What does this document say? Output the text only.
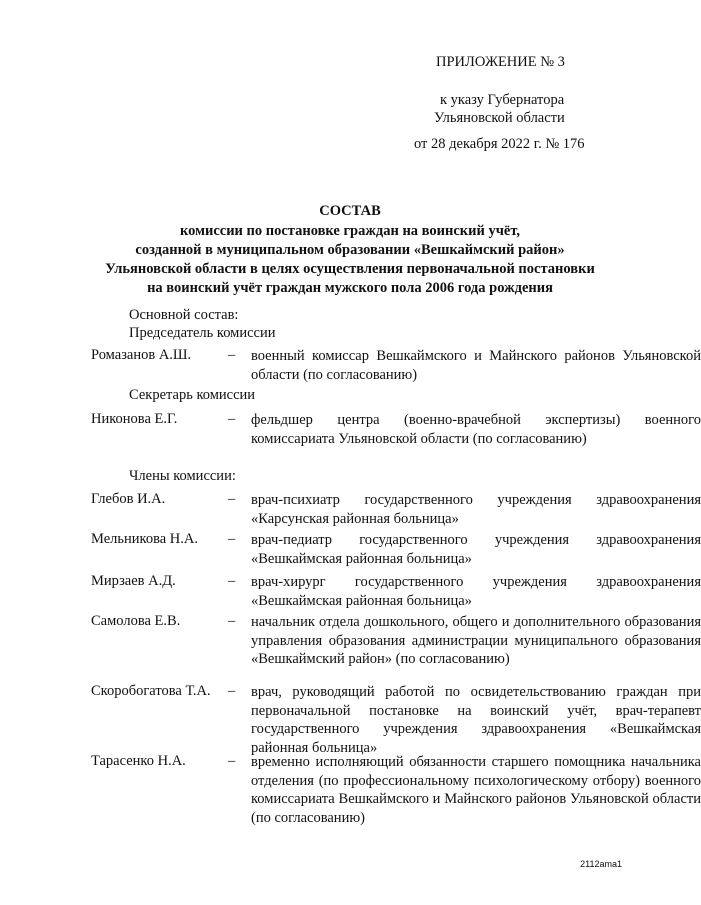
ПРИЛОЖЕНИЕ № 3
к указу Губернатора
Ульяновской области
от 28 декабря 2022 г. № 176
СОСТАВ
комиссии по постановке граждан на воинский учёт,
созданной в муниципальном образовании «Вешкаймский район»
Ульяновской области в целях осуществления первоначальной постановки
на воинский учёт граждан мужского пола 2006 года рождения
Основной состав:
Председатель комиссии
Ромазанов А.Ш.	– военный комиссар Вешкаймского и Майнского районов Ульяновской области (по согласованию)
Секретарь комиссии
Никонова Е.Г.	– фельдшер центра (военно-врачебной экспертизы) военного комиссариата Ульяновской области (по согласованию)
Члены комиссии:
Глебов И.А.	– врач-психиатр государственного учреждения здравоохранения «Карсунская районная больница»
Мельникова Н.А. – врач-педиатр государственного учреждения здравоохранения «Вешкаймская районная больница»
Мирзаев А.Д.	– врач-хирург государственного учреждения здравоохранения «Вешкаймская районная больница»
Самолова Е.В.	– начальник отдела дошкольного, общего и дополнительного образования управления образования администрации муниципального образования «Вешкаймский район» (по согласованию)
Скоробогатова Т.А. – врач, руководящий работой по освидетельствованию граждан при первоначальной постановке на воинский учёт, врач-терапевт государственного учреждения здравоохранения «Вешкаймская районная больница»
Тарасенко Н.А.	– временно исполняющий обязанности старшего помощника начальника отделения (по профессиональному психологическому отбору) военного комиссариата Вешкаймского и Майнского районов Ульяновской области (по согласованию)
2112ama1
